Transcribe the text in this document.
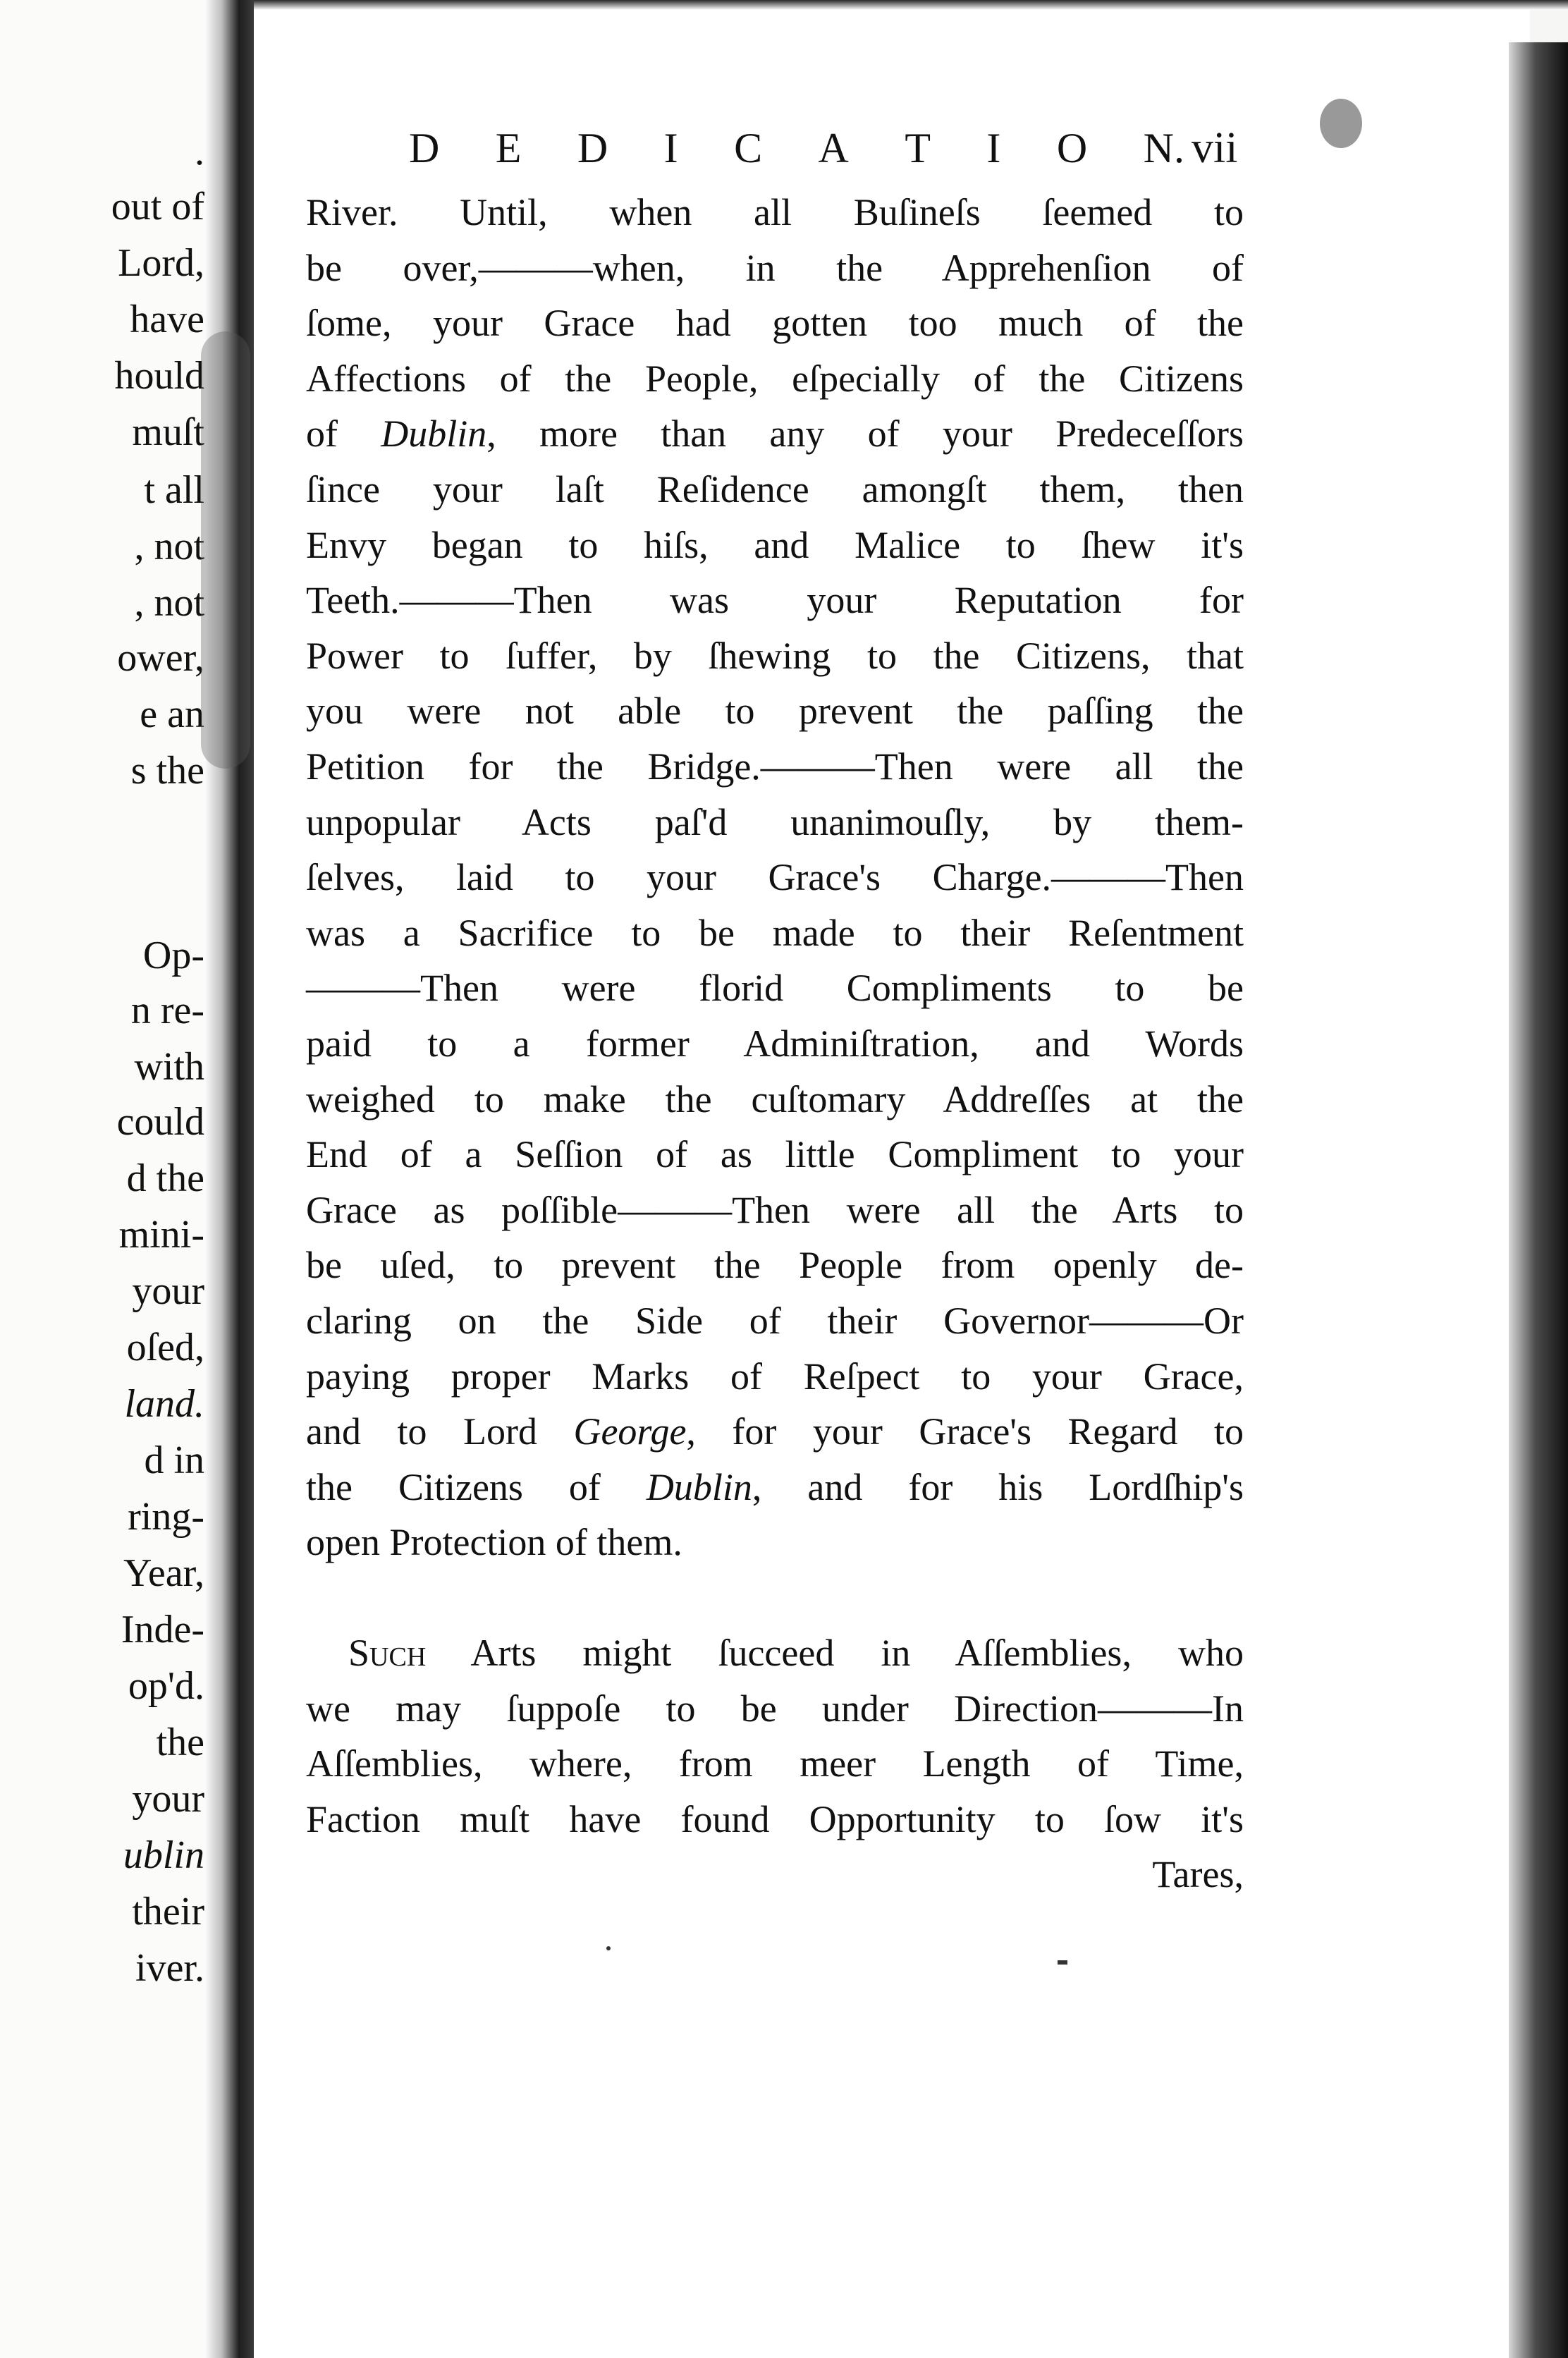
.
out of
Lord,
have
hould
muſt
t all
, not
, not
ower,
e an
s the
Op-
n re-
with
could
d the
mini-
your
oſed,
land.
d in
ring-
Year,
Inde-
op'd.
the
your
ublin
their
iver.
D E D I C A T I O N. vii
River. Until, when all Buſineſs ſeemed to
be over,———when, in the Apprehenſion of
ſome, your Grace had gotten too much of the
Affections of the People, eſpecially of the Citizens
of Dublin, more than any of your Predeceſſors
ſince your laſt Reſidence amongſt them, then
Envy began to hiſs, and Malice to ſhew it's
Teeth.———Then was your Reputation for
Power to ſuffer, by ſhewing to the Citizens, that
you were not able to prevent the paſſing the
Petition for the Bridge.———Then were all the
unpopular Acts paſ'd unanimouſly, by them-
ſelves, laid to your Grace's Charge.———Then
was a Sacrifice to be made to their Reſentment
———Then were florid Compliments to be
paid to a former Adminiſtration, and Words
weighed to make the cuſtomary Addreſſes at the
End of a Seſſion of as little Compliment to your
Grace as poſſible———Then were all the Arts to
be uſed, to prevent the People from openly de-
claring on the Side of their Governor———Or
paying proper Marks of Reſpect to your Grace,
and to Lord George, for your Grace's Regard to
the Citizens of Dublin, and for his Lordſhip's
open Protection of them.
Such Arts might ſucceed in Aſſemblies, who
we may ſuppoſe to be under Direction———In
Aſſemblies, where, from meer Length of Time,
Faction muſt have found Opportunity to ſow it's
Tares,
